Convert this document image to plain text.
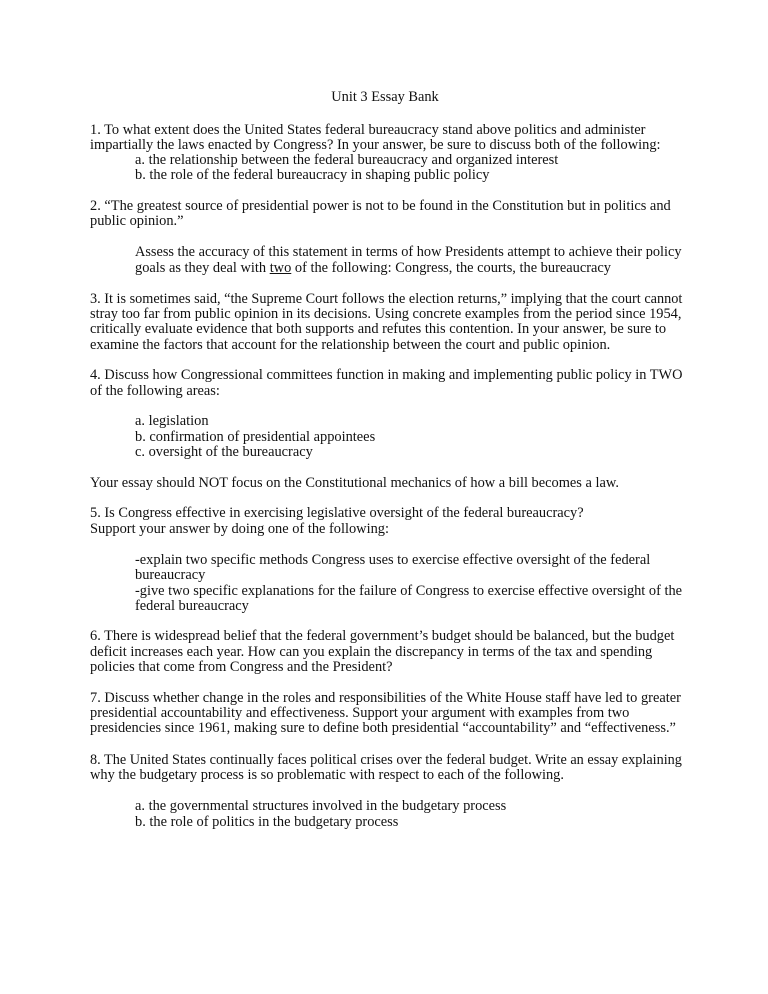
Unit 3 Essay Bank
1. To what extent does the United States federal bureaucracy stand above politics and administer
impartially the laws enacted by Congress? In your answer, be sure to discuss both of the following:
a. the relationship between the federal bureaucracy and organized interest
b. the role of the federal bureaucracy in shaping public policy
2. “The greatest source of presidential power is not to be found in the Constitution but in politics and
public opinion.”
Assess the accuracy of this statement in terms of how Presidents attempt to achieve their policy
goals as they deal with two of the following: Congress, the courts, the bureaucracy
3. It is sometimes said, “the Supreme Court follows the election returns,” implying that the court cannot
stray too far from public opinion in its decisions. Using concrete examples from the period since 1954,
critically evaluate evidence that both supports and refutes this contention. In your answer, be sure to
examine the factors that account for the relationship between the court and public opinion.
4. Discuss how Congressional committees function in making and implementing public policy in TWO
of the following areas:
a. legislation
b. confirmation of presidential appointees
c. oversight of the bureaucracy
Your essay should NOT focus on the Constitutional mechanics of how a bill becomes a law.
5. Is Congress effective in exercising legislative oversight of the federal bureaucracy?
Support your answer by doing one of the following:
-explain two specific methods Congress uses to exercise effective oversight of the federal
bureaucracy
-give two specific explanations for the failure of Congress to exercise effective oversight of the
federal bureaucracy
6. There is widespread belief that the federal government’s budget should be balanced, but the budget
deficit increases each year. How can you explain the discrepancy in terms of the tax and spending
policies that come from Congress and the President?
7. Discuss whether change in the roles and responsibilities of the White House staff have led to greater
presidential accountability and effectiveness. Support your argument with examples from two
presidencies since 1961, making sure to define both presidential “accountability” and “effectiveness.”
8. The United States continually faces political crises over the federal budget. Write an essay explaining
why the budgetary process is so problematic with respect to each of the following.
a. the governmental structures involved in the budgetary process
b. the role of politics in the budgetary process
